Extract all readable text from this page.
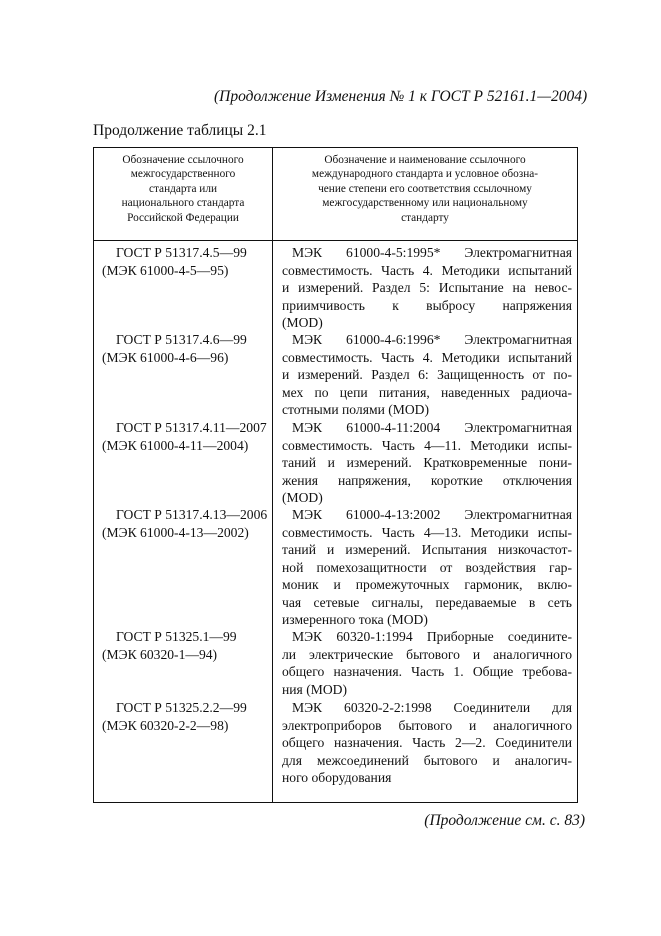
(Продолжение Изменения № 1 к ГОСТ Р 52161.1—2004)
Продолжение таблицы 2.1
Обозначение ссылочного
межгосударственного
стандарта или
национального стандарта
Российской Федерации
Обозначение и наименование ссылочного
международного стандарта и условное обозна-
чение степени его соответствия ссылочному
межгосударственному или национальному
стандарту
ГОСТ Р 51317.4.5—99
(МЭК 61000-4-5—95)
МЭК 61000-4-5:1995* Электромагнитная
совместимость. Часть 4. Методики испытаний
и измерений. Раздел 5: Испытание на невос-
приимчивость к выбросу напряжения
(MOD)
ГОСТ Р 51317.4.6—99
(МЭК 61000-4-6—96)
МЭК 61000-4-6:1996* Электромагнитная
совместимость. Часть 4. Методики испытаний
и измерений. Раздел 6: Защищенность от по-
мех по цепи питания, наведенных радиоча-
стотными полями (MOD)
ГОСТ Р 51317.4.11—2007
(МЭК 61000-4-11—2004)
МЭК 61000-4-11:2004 Электромагнитная
совместимость. Часть 4—11. Методики испы-
таний и измерений. Кратковременные пони-
жения напряжения, короткие отключения
(MOD)
ГОСТ Р 51317.4.13—2006
(МЭК 61000-4-13—2002)
МЭК 61000-4-13:2002 Электромагнитная
совместимость. Часть 4—13. Методики испы-
таний и измерений. Испытания низкочастот-
ной помехозащитности от воздействия гар-
моник и промежуточных гармоник, вклю-
чая сетевые сигналы, передаваемые в сеть
измеренного тока (MOD)
ГОСТ Р 51325.1—99
(МЭК 60320-1—94)
МЭК 60320-1:1994 Приборные соедините-
ли электрические бытового и аналогичного
общего назначения. Часть 1. Общие требова-
ния (MOD)
ГОСТ Р 51325.2.2—99
(МЭК 60320-2-2—98)
МЭК 60320-2-2:1998 Соединители для
электроприборов бытового и аналогичного
общего назначения. Часть 2—2. Соединители
для межсоединений бытового и аналогич-
ного оборудования
(Продолжение см. с. 83)
